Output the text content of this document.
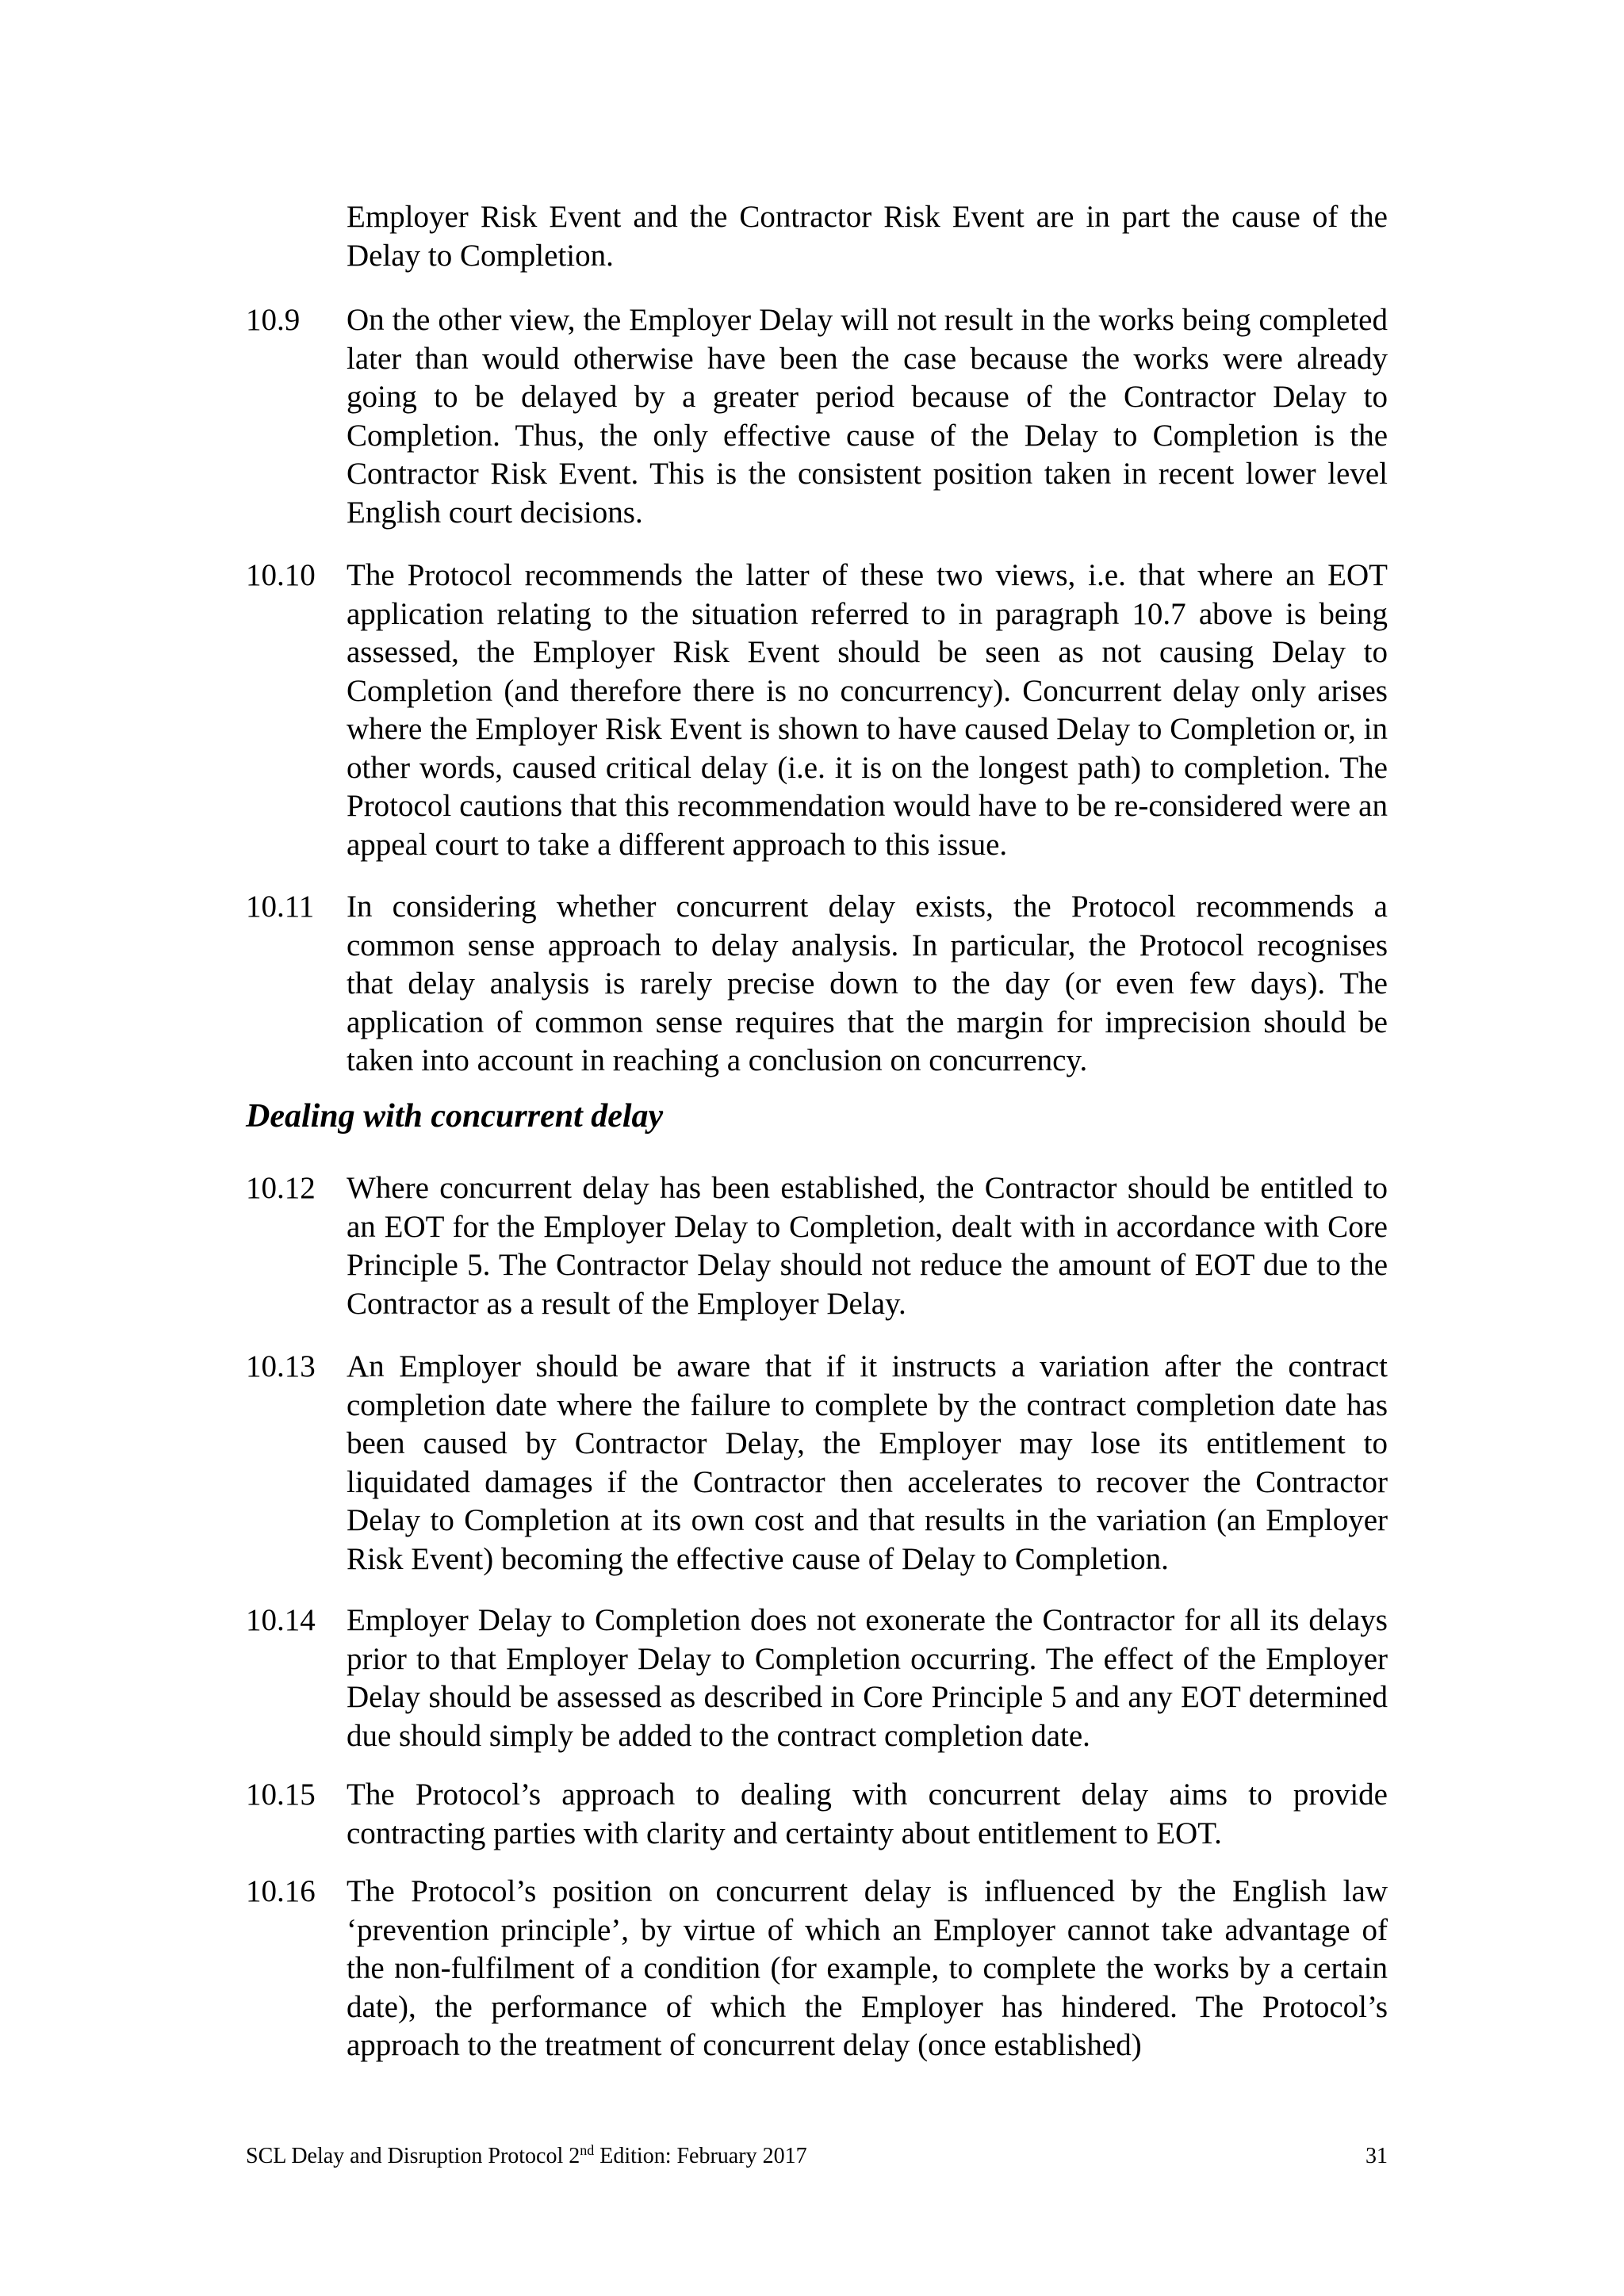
Employer Risk Event and the Contractor Risk Event are in part the cause of the Delay to Completion.
10.9 On the other view, the Employer Delay will not result in the works being completed later than would otherwise have been the case because the works were already going to be delayed by a greater period because of the Contractor Delay to Completion. Thus, the only effective cause of the Delay to Completion is the Contractor Risk Event. This is the consistent position taken in recent lower level English court decisions.
10.10 The Protocol recommends the latter of these two views, i.e. that where an EOT application relating to the situation referred to in paragraph 10.7 above is being assessed, the Employer Risk Event should be seen as not causing Delay to Completion (and therefore there is no concurrency). Concurrent delay only arises where the Employer Risk Event is shown to have caused Delay to Completion or, in other words, caused critical delay (i.e. it is on the longest path) to completion. The Protocol cautions that this recommendation would have to be re-considered were an appeal court to take a different approach to this issue.
10.11 In considering whether concurrent delay exists, the Protocol recommends a common sense approach to delay analysis. In particular, the Protocol recognises that delay analysis is rarely precise down to the day (or even few days). The application of common sense requires that the margin for imprecision should be taken into account in reaching a conclusion on concurrency.
Dealing with concurrent delay
10.12 Where concurrent delay has been established, the Contractor should be entitled to an EOT for the Employer Delay to Completion, dealt with in accordance with Core Principle 5. The Contractor Delay should not reduce the amount of EOT due to the Contractor as a result of the Employer Delay.
10.13 An Employer should be aware that if it instructs a variation after the contract completion date where the failure to complete by the contract completion date has been caused by Contractor Delay, the Employer may lose its entitlement to liquidated damages if the Contractor then accelerates to recover the Contractor Delay to Completion at its own cost and that results in the variation (an Employer Risk Event) becoming the effective cause of Delay to Completion.
10.14 Employer Delay to Completion does not exonerate the Contractor for all its delays prior to that Employer Delay to Completion occurring. The effect of the Employer Delay should be assessed as described in Core Principle 5 and any EOT determined due should simply be added to the contract completion date.
10.15 The Protocol’s approach to dealing with concurrent delay aims to provide contracting parties with clarity and certainty about entitlement to EOT.
10.16 The Protocol’s position on concurrent delay is influenced by the English law ‘prevention principle’, by virtue of which an Employer cannot take advantage of the non-fulfilment of a condition (for example, to complete the works by a certain date), the performance of which the Employer has hindered. The Protocol’s approach to the treatment of concurrent delay (once established)
SCL Delay and Disruption Protocol 2nd Edition: February 2017	31
